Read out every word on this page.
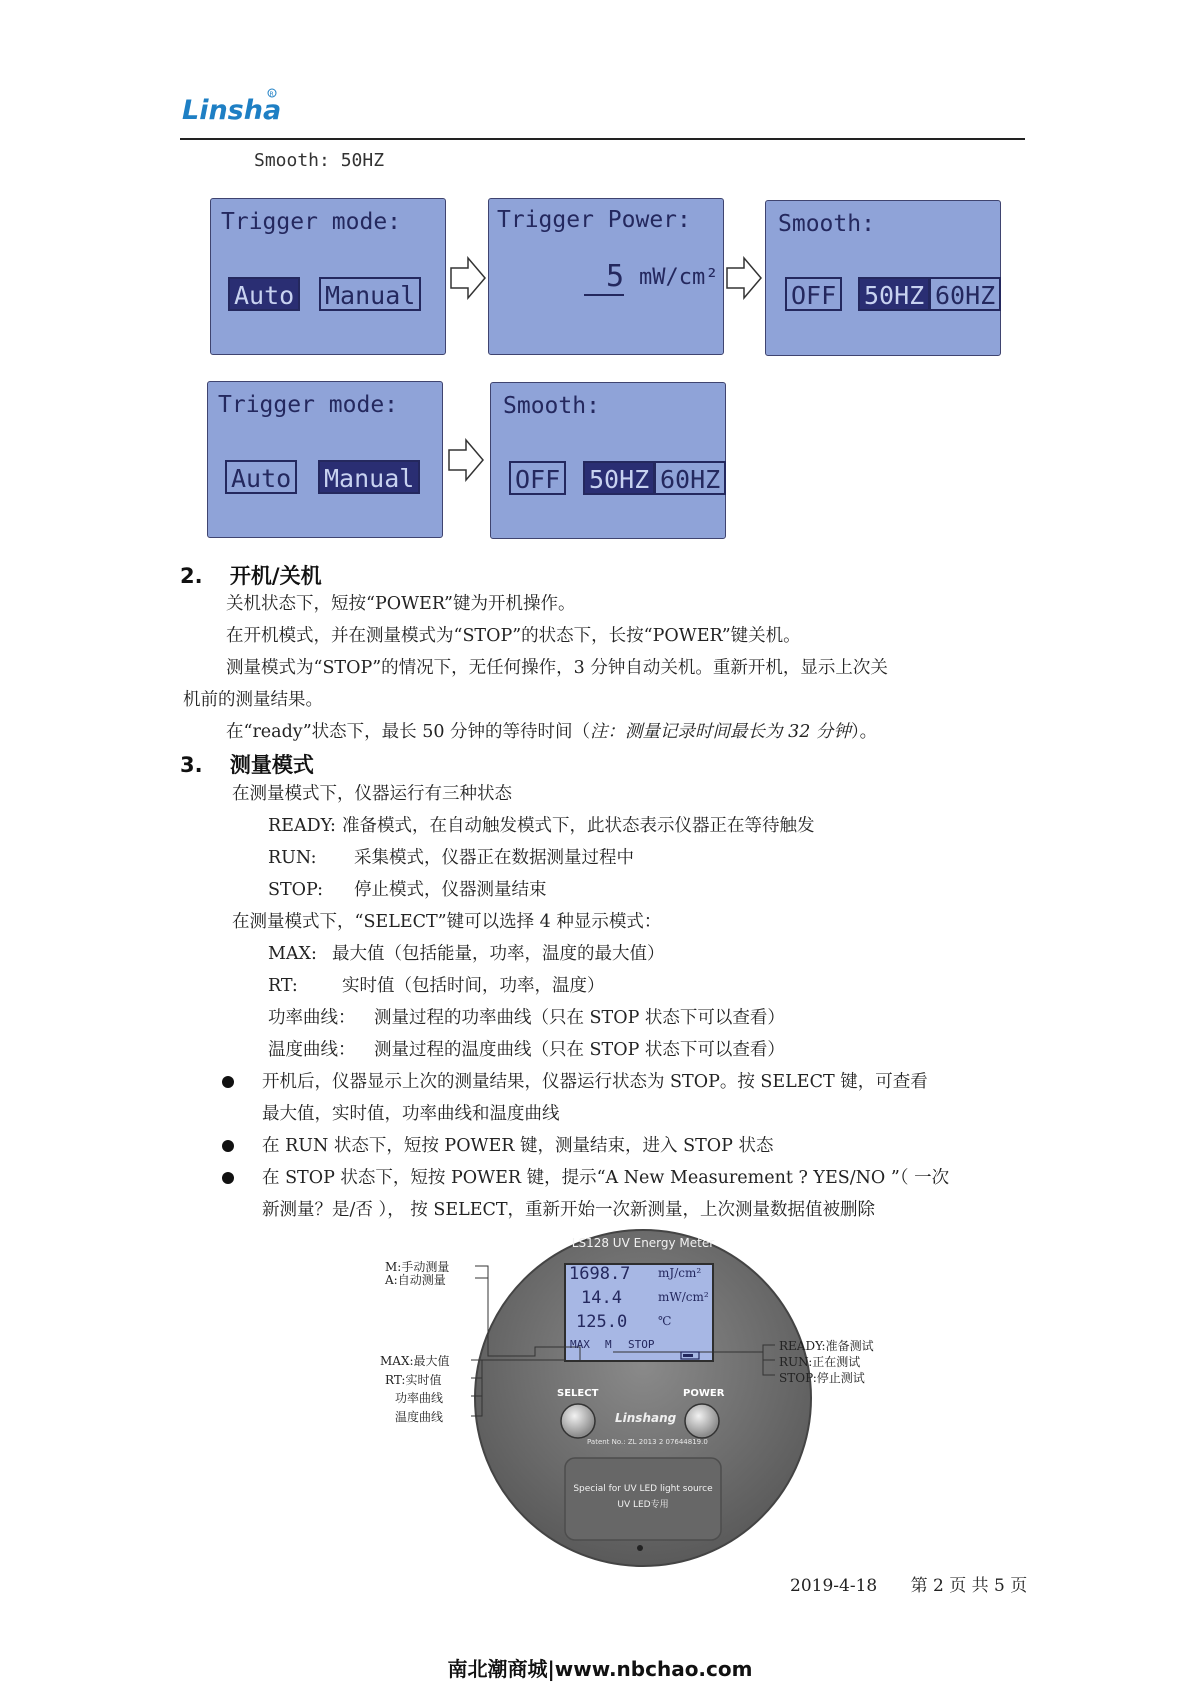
Linsha
R
Smooth: 50HZ
Trigger mode:
Auto Manual
Trigger Power:
5 mW/cm²
Smooth:
OFF 50HZ 60HZ
Trigger mode:
Auto Manual
Smooth:
OFF 50HZ 60HZ
2. 开机/关机
关机状态下，短按“POWER”键为开机操作。
在开机模式，并在测量模式为“STOP”的状态下，长按“POWER”键关机。
测量模式为“STOP”的情况下，无任何操作，3 分钟自动关机。重新开机，显示上次关
机前的测量结果。
在“ready”状态下，最长 50 分钟的等待时间（注：测量记录时间最长为 32 分钟）。
3. 测量模式
在测量模式下，仪器运行有三种状态
READY: 准备模式，在自动触发模式下，此状态表示仪器正在等待触发
RUN: 采集模式，仪器正在数据测量过程中
STOP: 停止模式，仪器测量结束
在测量模式下，“SELECT”键可以选择 4 种显示模式：
MAX: 最大值（包括能量，功率，温度的最大值）
RT:	实时值（包括时间，功率，温度）
功率曲线： 测量过程的功率曲线（只在 STOP 状态下可以查看）
温度曲线： 测量过程的温度曲线（只在 STOP 状态下可以查看）
开机后，仪器显示上次的测量结果，仪器运行状态为 STOP。按 SELECT 键，可查看
最大值，实时值，功率曲线和温度曲线
在 RUN 状态下，短按 POWER 键，测量结束，进入 STOP 状态
在 STOP 状态下，短按 POWER 键，提示“A New Measurement ? YES/NO ”（ 一次
新测量？是/否 ）， 按 SELECT，重新开始一次新测量，上次测量数据值被删除
LS128 UV Energy Meter
1698.7 mJ/cm²
14.4	mW/cm²
125.0	℃
MAX M STOP
SELECT	POWER
Linshang
Patent No.: ZL 2013 2 07644819.0
Special for UV LED light source
UV LED专用
M:手动测量
A:自动测量
MAX:最大值
RT:实时值
功率曲线
温度曲线
READY:准备测试
RUN:正在测试
STOP:停止测试
2019-4-18 第 2 页 共 5 页
南北潮商城|www.nbchao.com
